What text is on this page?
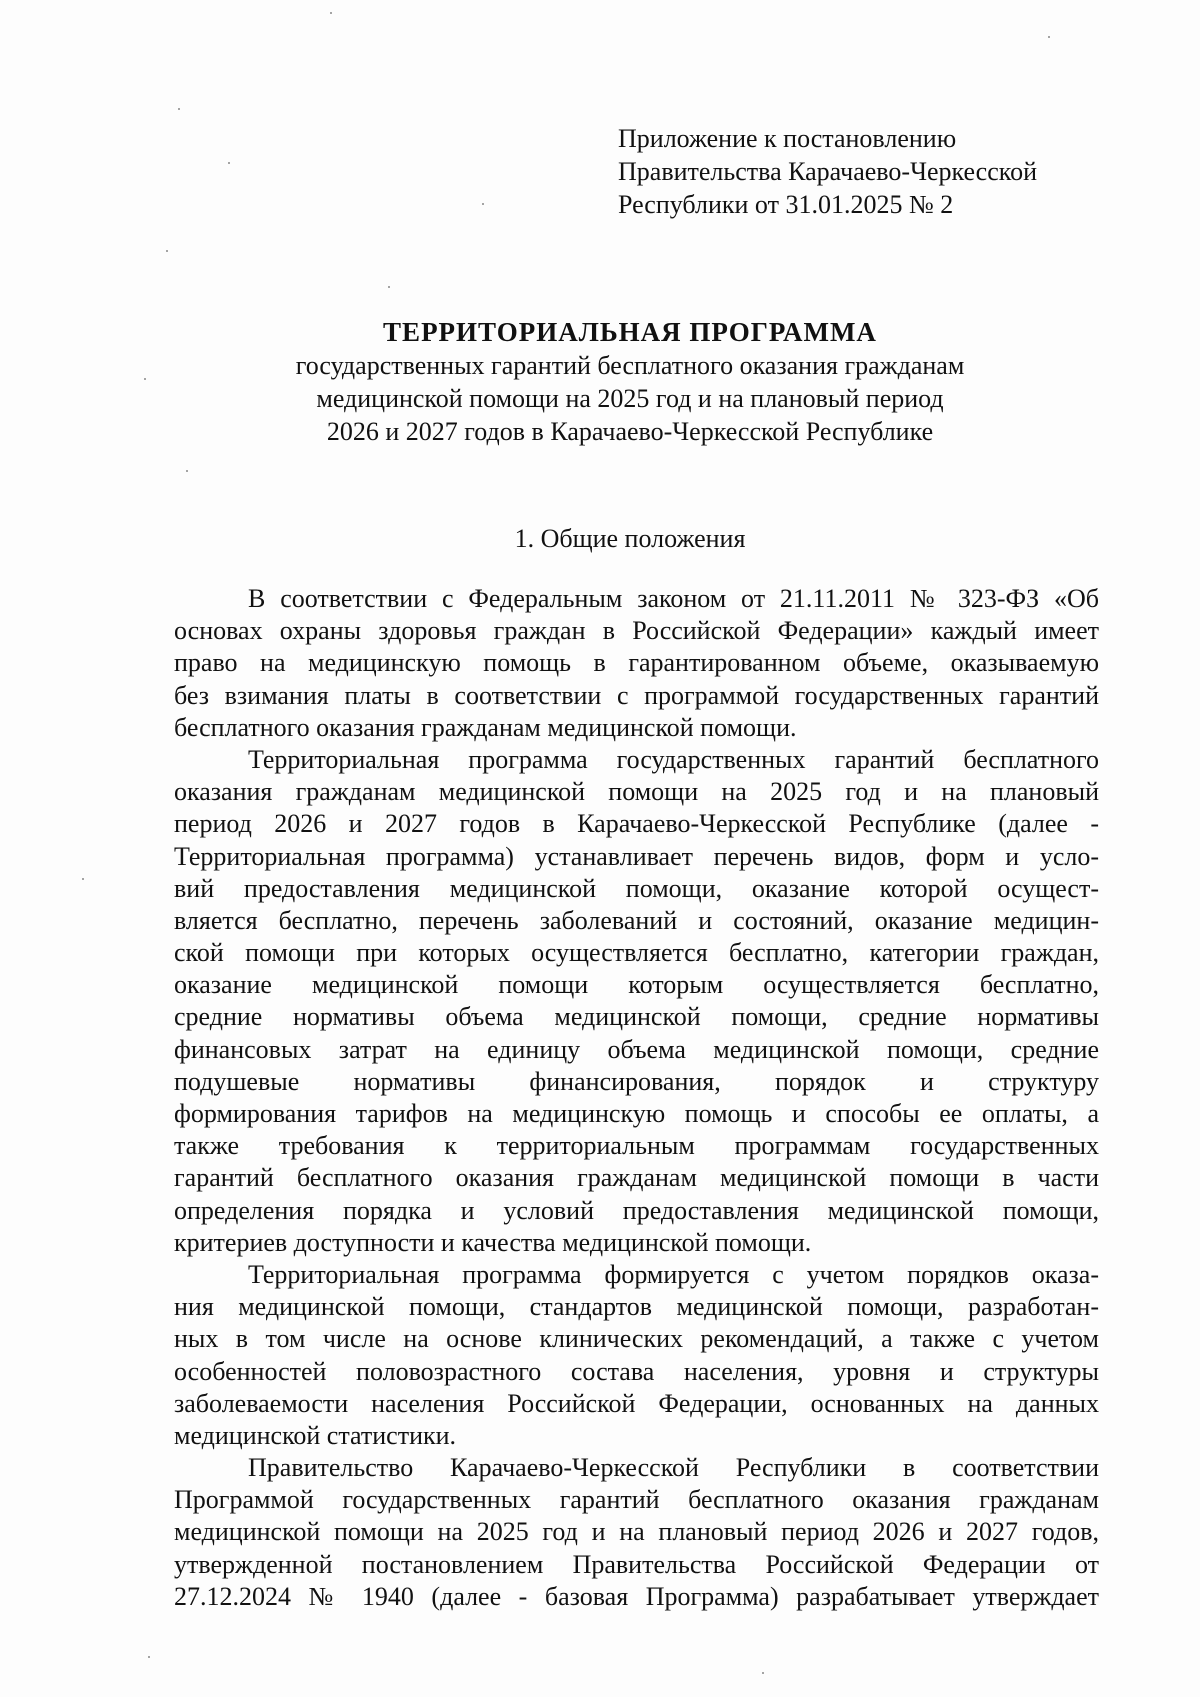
Приложение к постановлению
Правительства Карачаево-Черкесской
Республики от 31.01.2025 № 2
ТЕРРИТОРИАЛЬНАЯ ПРОГРАММА
государственных гарантий бесплатного оказания гражданам
медицинской помощи на 2025 год и на плановый период
2026 и 2027 годов в Карачаево-Черкесской Республике
1. Общие положения
В соответствии с Федеральным законом от 21.11.2011 № 323-ФЗ «Об
основах охраны здоровья граждан в Российской Федерации» каждый имеет
право на медицинскую помощь в гарантированном объеме, оказываемую
без взимания платы в соответствии с программой государственных гарантий
бесплатного оказания гражданам медицинской помощи.
Территориальная программа государственных гарантий бесплатного
оказания гражданам медицинской помощи на 2025 год и на плановый
период 2026 и 2027 годов в Карачаево-Черкесской Республике (далее -
Территориальная программа) устанавливает перечень видов, форм и усло-
вий предоставления медицинской помощи, оказание которой осущест-
вляется бесплатно, перечень заболеваний и состояний, оказание медицин-
ской помощи при которых осуществляется бесплатно, категории граждан,
оказание медицинской помощи которым осуществляется бесплатно,
средние нормативы объема медицинской помощи, средние нормативы
финансовых затрат на единицу объема медицинской помощи, средние
подушевые нормативы финансирования, порядок и структуру
формирования тарифов на медицинскую помощь и способы ее оплаты, а
также требования к территориальным программам государственных
гарантий бесплатного оказания гражданам медицинской помощи в части
определения порядка и условий предоставления медицинской помощи,
критериев доступности и качества медицинской помощи.
Территориальная программа формируется с учетом порядков оказа-
ния медицинской помощи, стандартов медицинской помощи, разработан-
ных в том числе на основе клинических рекомендаций, а также с учетом
особенностей половозрастного состава населения, уровня и структуры
заболеваемости населения Российской Федерации, основанных на данных
медицинской статистики.
Правительство Карачаево-Черкесской Республики в соответствии
Программой государственных гарантий бесплатного оказания гражданам
медицинской помощи на 2025 год и на плановый период 2026 и 2027 годов,
утвержденной постановлением Правительства Российской Федерации от
27.12.2024 № 1940 (далее - базовая Программа) разрабатывает утверждает
